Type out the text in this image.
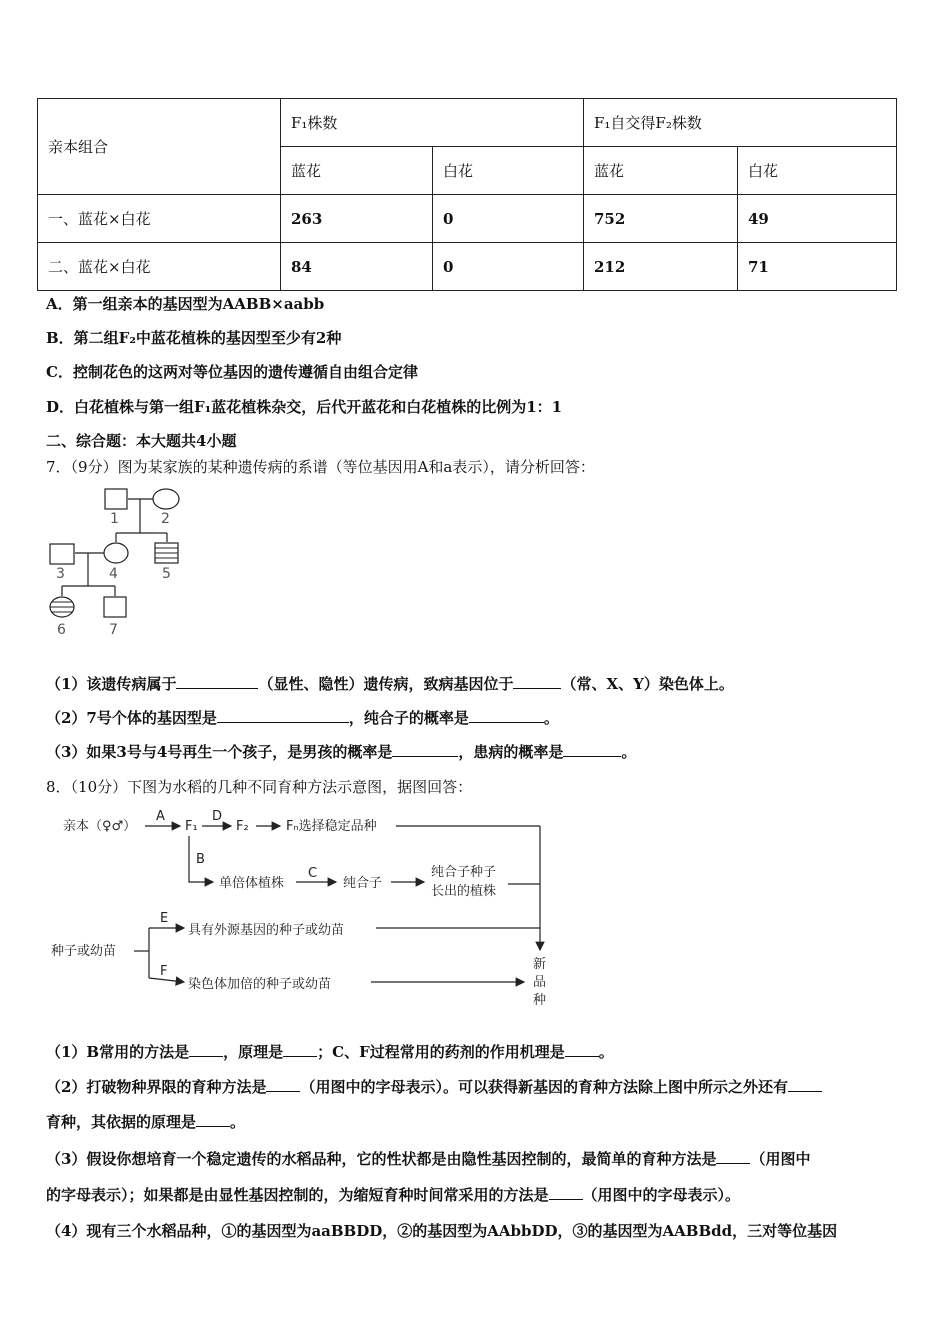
亲本组合	F₁株数		F₁自交得F₂株数	
	蓝花	白花	蓝花	白花
一、蓝花×白花	263	0	752	49
二、蓝花×白花	84	0	212	71
A．第一组亲本的基因型为AABB×aabb
B．第二组F₂中蓝花植株的基因型至少有2种
C．控制花色的这两对等位基因的遗传遵循自由组合定律
D．白花植株与第一组F₁蓝花植株杂交，后代开蓝花和白花植株的比例为1：1
二、综合题：本大题共4小题
7．（9分）图为某家族的某种遗传病的系谱（等位基因用A和a表示），请分析回答：
1	2
3	4	5
6	7
（1）该遗传病属于	（显性、隐性）遗传病，致病基因位于	（常、X、Y）染色体上。
（2）7号个体的基因型是	，纯合子的概率是	。
（3）如果3号与4号再生一个孩子，是男孩的概率是	，患病的概率是	。
8．（10分）下图为水稻的几种不同育种方法示意图，据图回答：
亲本（♀♂）
A
F₁
D
F₂	Fₙ选择稳定品种
B
单倍体植株
C
纯合子
纯合子种子
长出的植株
种子或幼苗
E
具有外源基因的种子或幼苗
F
染色体加倍的种子或幼苗
新
品
种
（1）B常用的方法是 ，原理是 ；C、F过程常用的药剂的作用机理是 。
（2）打破物种界限的育种方法是 （用图中的字母表示）。可以获得新基因的育种方法除上图中所示之外还有
育种，其依据的原理是 。
（3）假设你想培育一个稳定遗传的水稻品种，它的性状都是由隐性基因控制的，最简单的育种方法是 （用图中
的字母表示）；如果都是由显性基因控制的，为缩短育种时间常采用的方法是 （用图中的字母表示）。
（4）现有三个水稻品种，①的基因型为aaBBDD，②的基因型为AAbbDD，③的基因型为AABBdd，三对等位基因
